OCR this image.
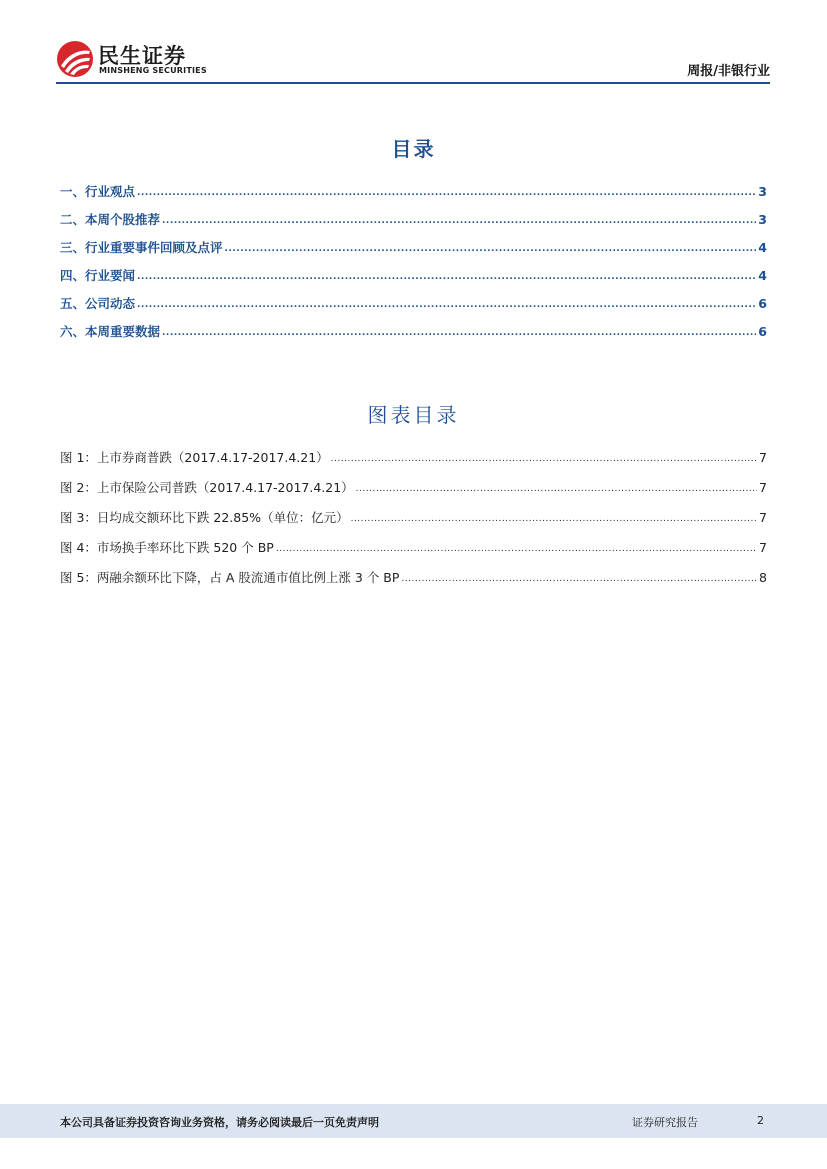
民生证券
MINSHENG SECURITIES	周报/非银行业
目录
一、行业观点 .....	3
二、本周个股推荐 .....	3
三、行业重要事件回顾及点评 .....	4
四、行业要闻 .....	4
五、公司动态 .....	6
六、本周重要数据 .....	6
图表目录
图 1：上市券商普跌（2017.4.17-2017.4.21） .....	7
图 2：上市保险公司普跌（2017.4.17-2017.4.21） .....	7
图 3：日均成交额环比下跌 22.85%（单位：亿元） .....	7
图 4：市场换手率环比下跌 520 个 BP .....	7
图 5：两融余额环比下降，占 A 股流通市值比例上涨 3 个 BP .....	8
本公司具备证券投资咨询业务资格，请务必阅读最后一页免责声明	证券研究报告	2
